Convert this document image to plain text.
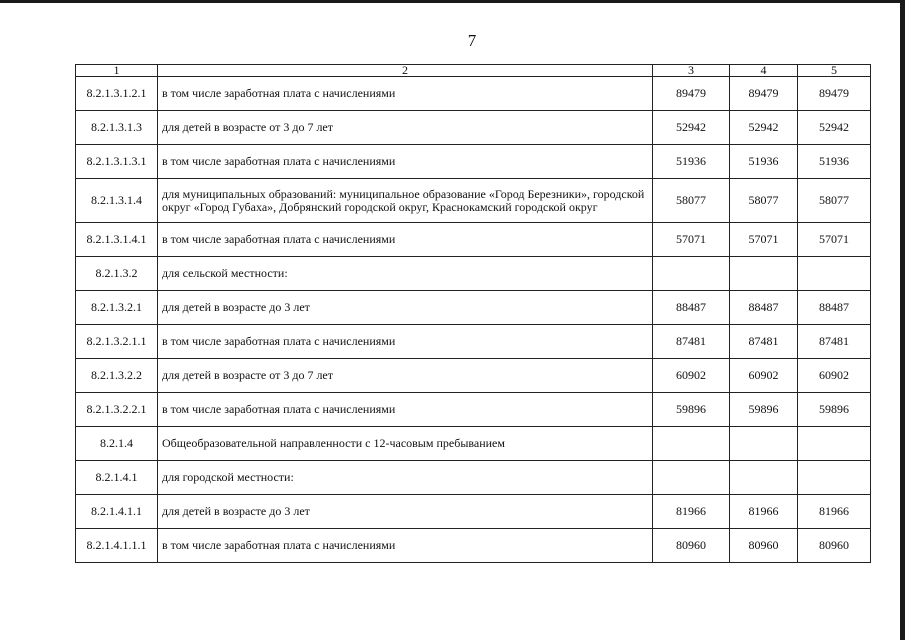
7
1	2	3	4	5
8.2.1.3.1.2.1	в том числе заработная плата с начислениями	89479	89479	89479
8.2.1.3.1.3	для детей в возрасте от 3 до 7 лет	52942	52942	52942
8.2.1.3.1.3.1	в том числе заработная плата с начислениями	51936	51936	51936
8.2.1.3.1.4	для муниципальных образований: муниципальное образование «Город Березники», городской округ «Город Губаха», Добрянский городской округ, Краснокамский городской округ	58077	58077	58077
8.2.1.3.1.4.1	в том числе заработная плата с начислениями	57071	57071	57071
8.2.1.3.2	для сельской местности:			
8.2.1.3.2.1	для детей в возрасте до 3 лет	88487	88487	88487
8.2.1.3.2.1.1	в том числе заработная плата с начислениями	87481	87481	87481
8.2.1.3.2.2	для детей в возрасте от 3 до 7 лет	60902	60902	60902
8.2.1.3.2.2.1	в том числе заработная плата с начислениями	59896	59896	59896
8.2.1.4	Общеобразовательной направленности с 12-часовым пребыванием			
8.2.1.4.1	для городской местности:			
8.2.1.4.1.1	для детей в возрасте до 3 лет	81966	81966	81966
8.2.1.4.1.1.1	в том числе заработная плата с начислениями	80960	80960	80960
